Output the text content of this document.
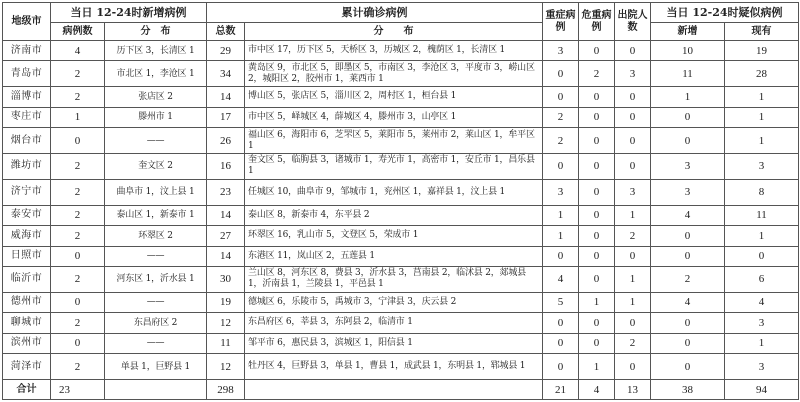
地级市	当日 12-24时新增病例		累计确诊病例		重症病例	危重病例	出院人数	当日 12-24时疑似病例	
	病例数	分　布	总数	分　　布				新增	现有
济南市	4	历下区 3，长清区 1	29	市中区 17，历下区 5，天桥区 3，历城区 2，槐荫区 1，长清区 1	3	0	0	10	19
青岛市	2	市北区 1，李沧区 1	34	黄岛区 9，市北区 5，即墨区 5，市南区 3，李沧区 3，平度市 3，崂山区 2，城阳区 2，胶州市 1，莱西市 1	0	2	3	11	28
淄博市	2	张店区 2	14	博山区 5，张店区 5，淄川区 2，周村区 1，桓台县 1	0	0	0	1	1
枣庄市	1	滕州市 1	17	市中区 5，峄城区 4，薛城区 4，滕州市 3，山亭区 1	2	0	0	0	1
烟台市	0	——	26	福山区 6，海阳市 6，芝罘区 5，莱阳市 5，莱州市 2，莱山区 1，牟平区 1	2	0	0	0	1
潍坊市	2	奎文区 2	16	奎文区 5，临朐县 3，诸城市 1，寿光市 1，高密市 1，安丘市 1，昌乐县 1	0	0	0	3	3
济宁市	2	曲阜市 1，汶上县 1	23	任城区 10，曲阜市 9，邹城市 1，兖州区 1，嘉祥县 1，汶上县 1	3	0	3	3	8
泰安市	2	泰山区 1，新泰市 1	14	泰山区 8，新泰市 4，东平县 2	1	0	1	4	11
威海市	2	环翠区 2	27	环翠区 16，乳山市 5，文登区 5，荣成市 1	1	0	2	0	1
日照市	0	——	14	东港区 11，岚山区 2，五莲县 1	0	0	0	0	0
临沂市	2	河东区 1，沂水县 1	30	兰山区 8，河东区 8，费县 3，沂水县 3，莒南县 2，临沭县 2，郯城县 1，沂南县 1，兰陵县 1，平邑县 1	4	0	1	2	6
德州市	0	——	19	德城区 6，乐陵市 5，禹城市 3，宁津县 3，庆云县 2	5	1	1	4	4
聊城市	2	东昌府区 2	12	东昌府区 6，莘县 3，东阿县 2，临清市 1	0	0	0	0	3
滨州市	0	——	11	邹平市 6，惠民县 3，滨城区 1，阳信县 1	0	0	2	0	1
菏泽市	2	单县 1，巨野县 1	12	牡丹区 4，巨野县 3，单县 1，曹县 1，成武县 1，东明县 1，郓城县 1	0	1	0	0	3
合计	23		298		21	4	13	38	94
